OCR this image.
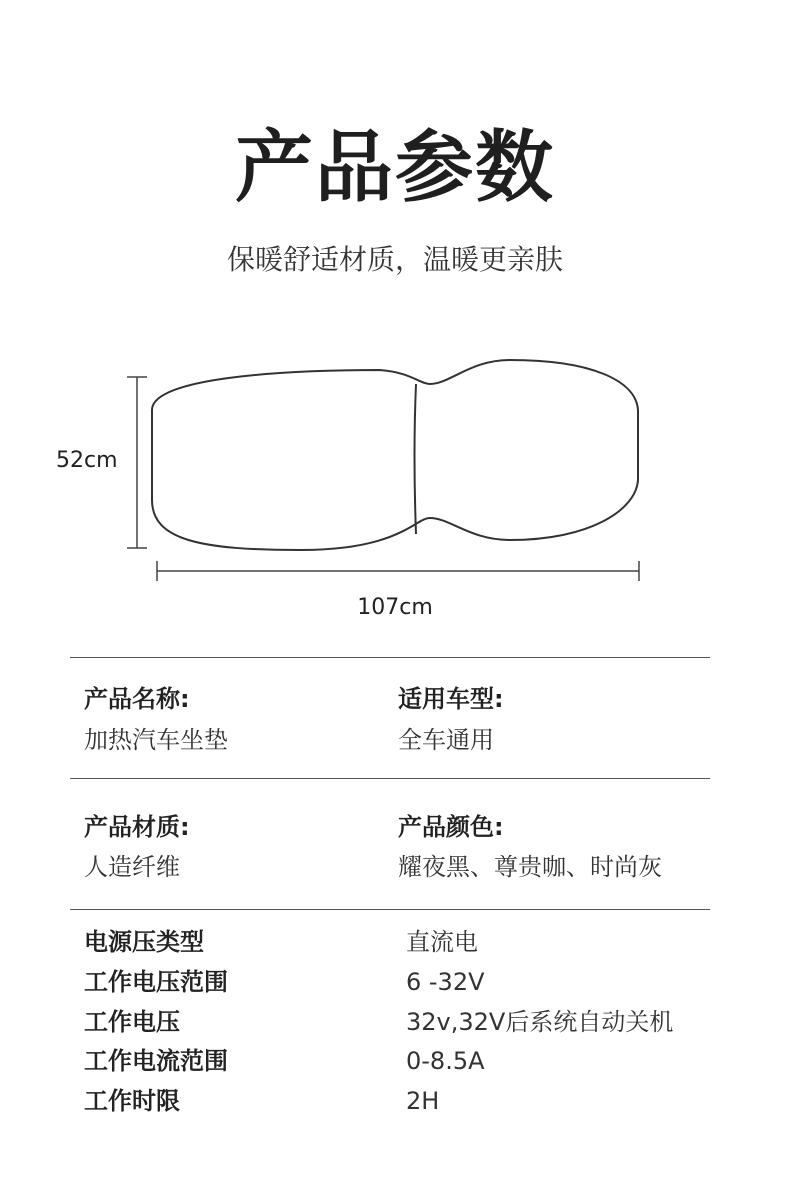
产品参数
保暖舒适材质，温暖更亲肤
52cm
107cm
产品名称:
加热汽车坐垫
适用车型:
全车通用
产品材质:
人造纤维
产品颜色:
耀夜黑、尊贵咖、时尚灰
电源压类型	直流电
工作电压范围	6 -32V
工作电压	32v,32V后系统自动关机
工作电流范围	0-8.5A
工作时限	2H
